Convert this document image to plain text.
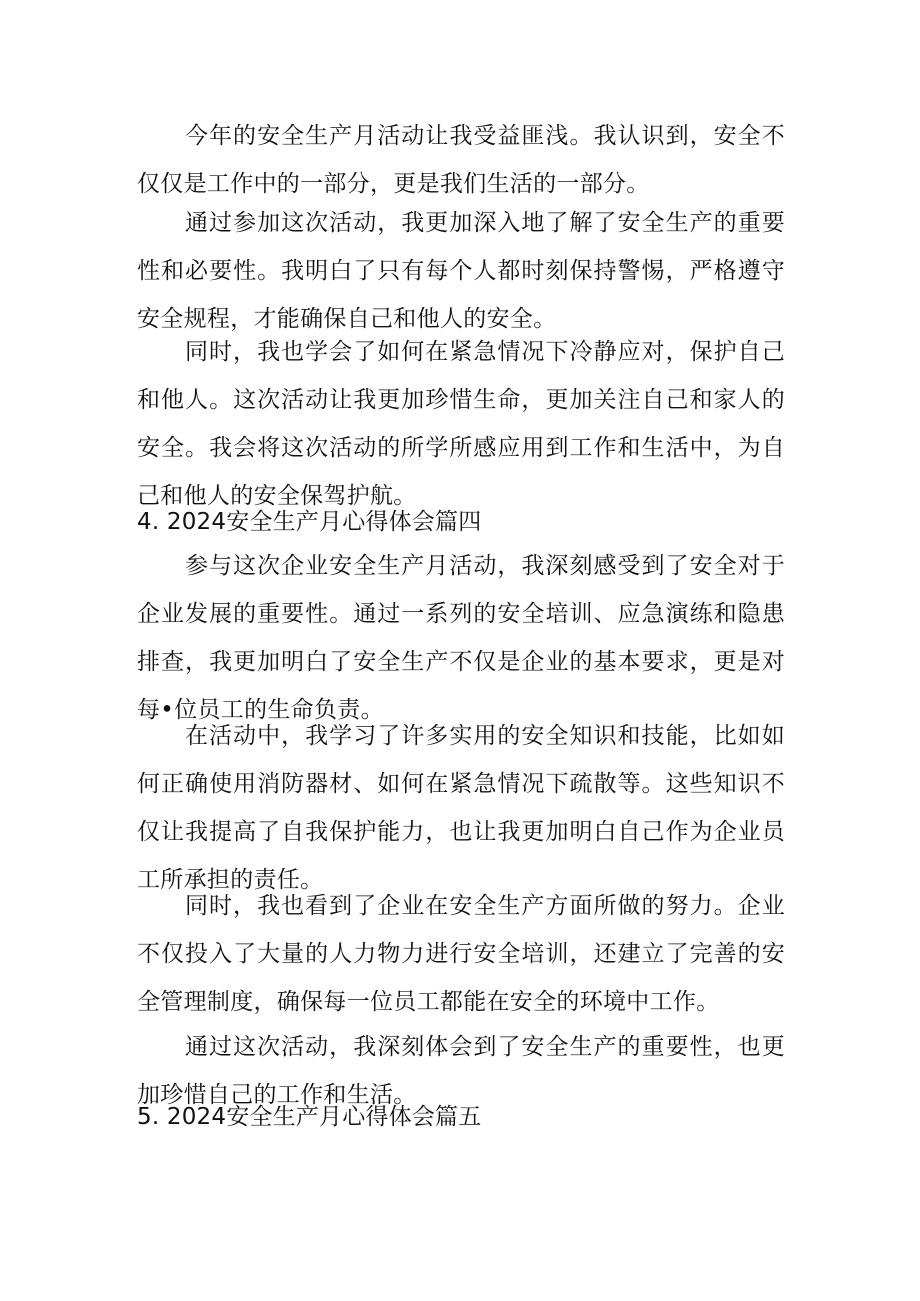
今年的安全生产月活动让我受益匪浅。我认识到，安全不仅仅是工作中的一部分，更是我们生活的一部分。

通过参加这次活动，我更加深入地了解了安全生产的重要性和必要性。我明白了只有每个人都时刻保持警惕，严格遵守安全规程，才能确保自己和他人的安全。

同时，我也学会了如何在紧急情况下冷静应对，保护自己和他人。这次活动让我更加珍惜生命，更加关注自己和家人的安全。我会将这次活动的所学所感应用到工作和生活中，为自己和他人的安全保驾护航。

4. 2024安全生产月心得体会篇四

参与这次企业安全生产月活动，我深刻感受到了安全对于企业发展的重要性。通过一系列的安全培训、应急演练和隐患排查，我更加明白了安全生产不仅是企业的基本要求，更是对每•位员工的生命负责。

在活动中，我学习了许多实用的安全知识和技能，比如如何正确使用消防器材、如何在紧急情况下疏散等。这些知识不仅让我提高了自我保护能力，也让我更加明白自己作为企业员工所承担的责任。

同时，我也看到了企业在安全生产方面所做的努力。企业不仅投入了大量的人力物力进行安全培训，还建立了完善的安全管理制度，确保每一位员工都能在安全的环境中工作。

通过这次活动，我深刻体会到了安全生产的重要性，也更加珍惜自己的工作和生活。

5. 2024安全生产月心得体会篇五
